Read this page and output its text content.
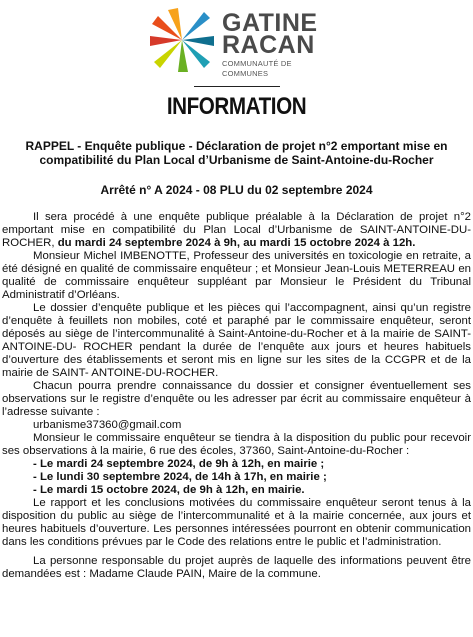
GATINE
RACAN
COMMUNAUTÉ DE COMMUNES
INFORMATION
RAPPEL - Enquête publique - Déclaration de projet n°2 emportant mise en
compatibilité du Plan Local d’Urbanisme de Saint-Antoine-du-Rocher
Arrêté n° A 2024 - 08 PLU du 02 septembre 2024

Il sera procédé à une enquête publique préalable à la Déclaration de projet n°2 emportant mise en compatibilité du Plan Local d’Urbanisme de SAINT-ANTOINE-DU-ROCHER, du mardi 24 septembre 2024 à 9h, au mardi 15 octobre 2024 à 12h.

Monsieur Michel IMBENOTTE, Professeur des universités en toxicologie en retraite, a été désigné en qualité de commissaire enquêteur ; et Monsieur Jean-Louis METERREAU en qualité de commissaire enquêteur suppléant par Monsieur le Président du Tribunal Administratif d’Orléans.

Le dossier d’enquête publique et les pièces qui l’accompagnent, ainsi qu’un registre d’enquête à feuillets non mobiles, coté et paraphé par le commissaire enquêteur, seront déposés au siège de l’intercommunalité à Saint-Antoine-du-Rocher et à la mairie de SAINT-ANTOINE-DU- ROCHER pendant la durée de l’enquête aux jours et heures habituels d’ouverture des établissements et seront mis en ligne sur les sites de la CCGPR et de la mairie de SAINT- ANTOINE-DU-ROCHER.

Chacun pourra prendre connaissance du dossier et consigner éventuellement ses observations sur le registre d’enquête ou les adresser par écrit au commissaire enquêteur à l’adresse suivante :

urbanisme37360@gmail.com

Monsieur le commissaire enquêteur se tiendra à la disposition du public pour recevoir ses observations à la mairie, 6 rue des écoles, 37360, Saint-Antoine-du-Rocher :

- Le mardi 24 septembre 2024, de 9h à 12h, en mairie ;

- Le lundi 30 septembre 2024, de 14h à 17h, en mairie ;

- Le mardi 15 octobre 2024, de 9h à 12h, en mairie.

Le rapport et les conclusions motivées du commissaire enquêteur seront tenus à la disposition du public au siège de l’intercommunalité et à la mairie concernée, aux jours et heures habituels d’ouverture. Les personnes intéressées pourront en obtenir communication dans les conditions prévues par le Code des relations entre le public et l’administration.

La personne responsable du projet auprès de laquelle des informations peuvent être demandées est : Madame Claude PAIN, Maire de la commune.
